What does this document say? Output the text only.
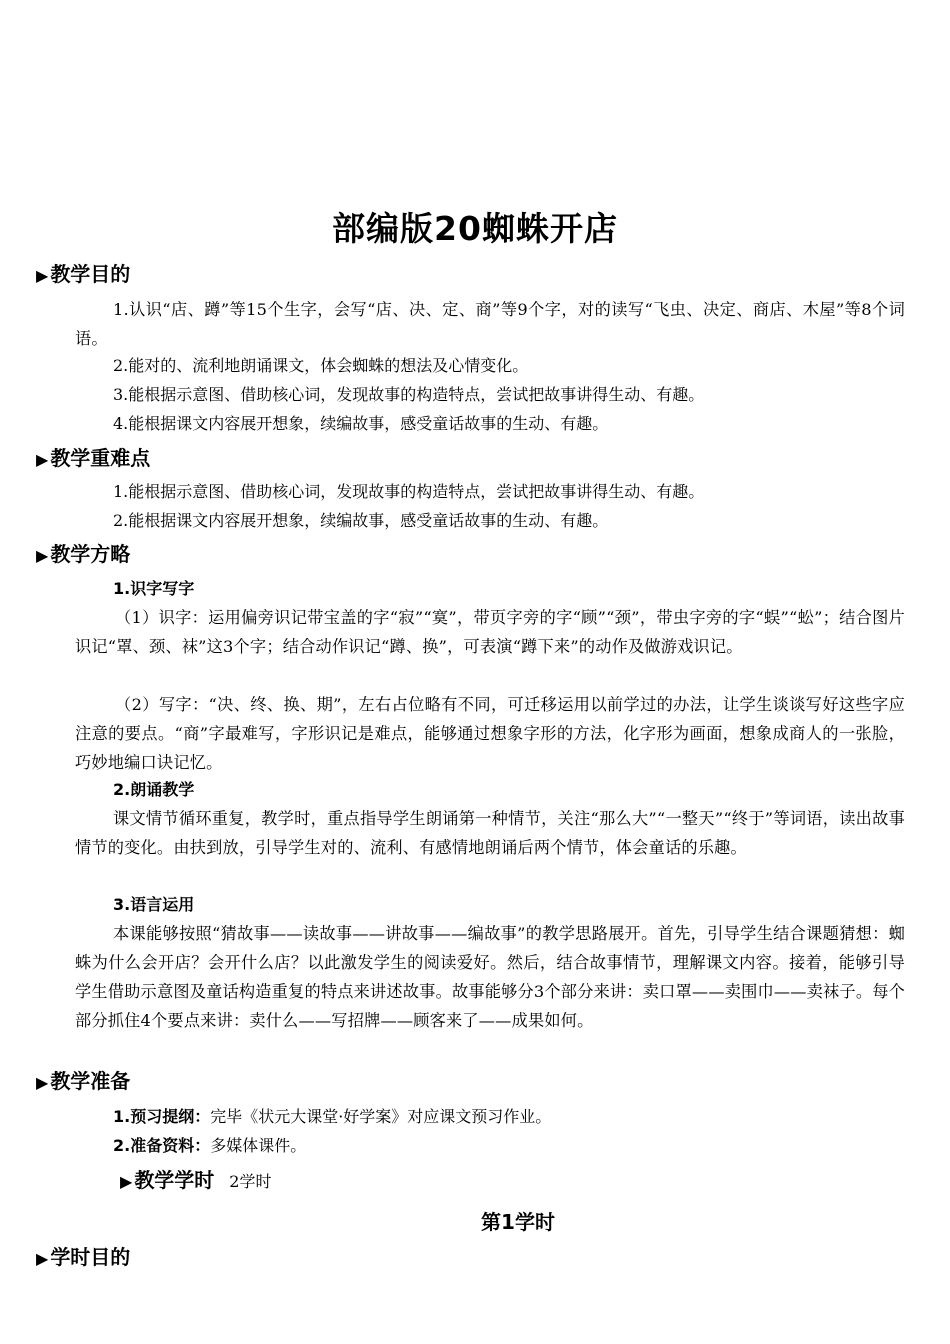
部编版20蜘蛛开店
▶ 教学目的
1.认识“店、蹲”等15个生字，会写“店、决、定、商”等9个字，对的读写“飞虫、决定、商店、木屋”等8个词语。
2.能对的、流利地朗诵课文，体会蜘蛛的想法及心情变化。
3.能根据示意图、借助核心词，发现故事的构造特点，尝试把故事讲得生动、有趣。
4.能根据课文内容展开想象，续编故事，感受童话故事的生动、有趣。
▶ 教学重难点
1.能根据示意图、借助核心词，发现故事的构造特点，尝试把故事讲得生动、有趣。
2.能根据课文内容展开想象，续编故事，感受童话故事的生动、有趣。
▶ 教学方略
1.识字写字
（1）识字：运用偏旁识记带宝盖的字“寂”“寞”，带页字旁的字“顾”“颈”，带虫字旁的字“蜈”“蚣”；结合图片识记“罩、颈、袜”这3个字；结合动作识记“蹲、换”，可表演“蹲下来”的动作及做游戏识记。
（2）写字：“决、终、换、期”，左右占位略有不同，可迁移运用以前学过的办法，让学生谈谈写好这些字应注意的要点。“商”字最难写，字形识记是难点，能够通过想象字形的方法，化字形为画面，想象成商人的一张脸，巧妙地编口诀记忆。
2.朗诵教学
课文情节循环重复，教学时，重点指导学生朗诵第一种情节，关注“那么大”“一整天”“终于”等词语，读出故事情节的变化。由扶到放，引导学生对的、流利、有感情地朗诵后两个情节，体会童话的乐趣。
3.语言运用
本课能够按照“猜故事——读故事——讲故事——编故事”的教学思路展开。首先，引导学生结合课题猜想：蜘蛛为什么会开店？会开什么店？以此激发学生的阅读爱好。然后，结合故事情节，理解课文内容。接着，能够引导学生借助示意图及童话构造重复的特点来讲述故事。故事能够分3个部分来讲：卖口罩——卖围巾——卖袜子。每个部分抓住4个要点来讲：卖什么——写招牌——顾客来了——成果如何。
▶ 教学准备
1.预习提纲：完毕《状元大课堂·好学案》对应课文预习作业。
2.准备资料：多媒体课件。
▶ 教学学时 2学时
第1学时
▶ 学时目的
